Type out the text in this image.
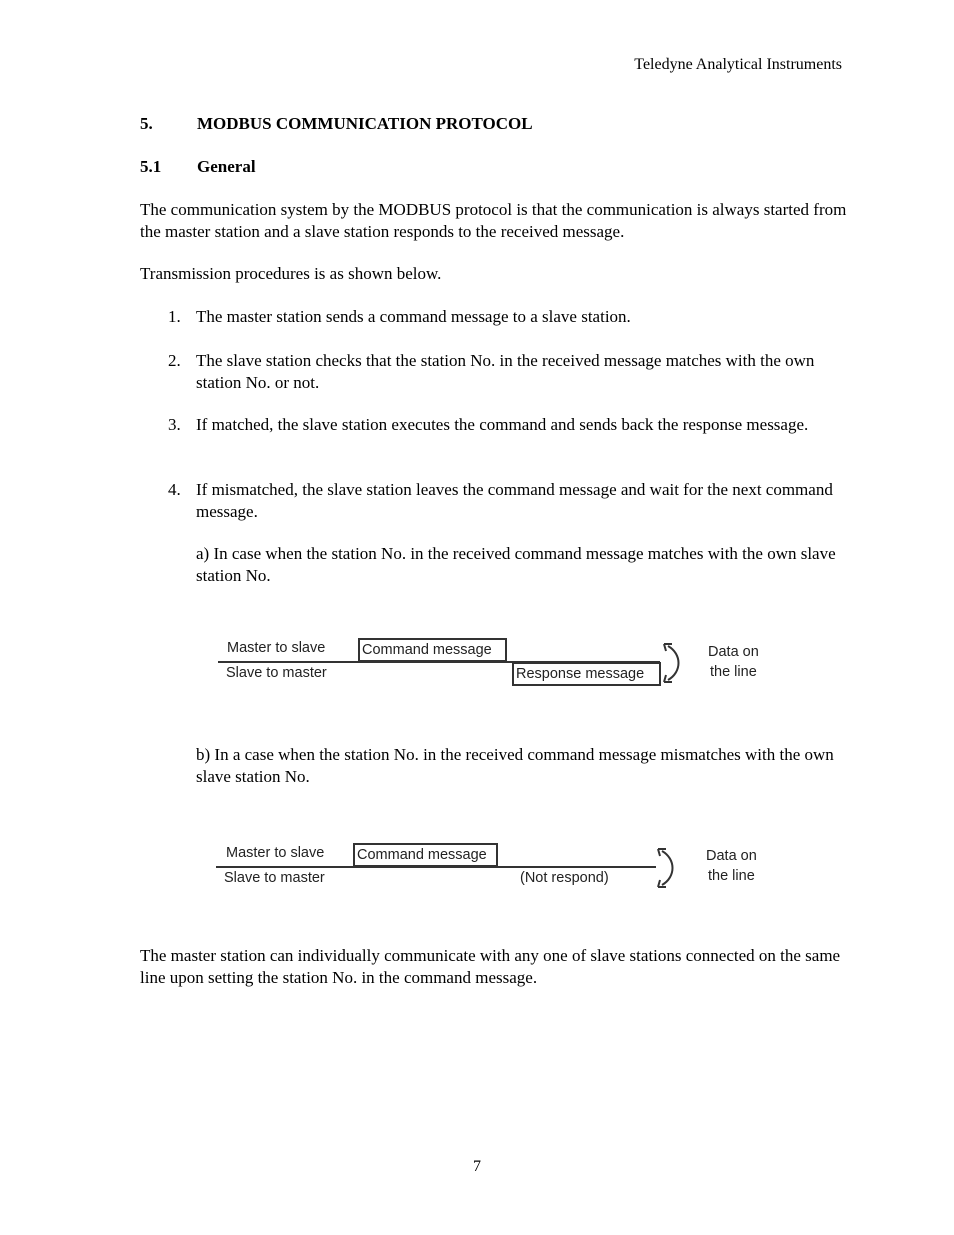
Teledyne Analytical Instruments
5.	MODBUS COMMUNICATION PROTOCOL
5.1 General
The communication system by the MODBUS protocol is that the communication is always started from the master station and a slave station responds to the received message.
Transmission procedures is as shown below.
1. The master station sends a command message to a slave station.
2. The slave station checks that the station No. in the received message matches with the own station No. or not.
3. If matched, the slave station executes the command and sends back the response message.
4. If mismatched, the slave station leaves the command message and wait for the next command message.
a) In case when the station No. in the received command message matches with the own slave station No.
Master to slave
Slave to master
Command message
Response message
Data on
the line
b) In a case when the station No. in the received command message mismatches with the own slave station No.
Master to slave
Slave to master
Command message
(Not respond)
Data on
the line
The master station can individually communicate with any one of slave stations connected on the same line upon setting the station No. in the command message.
7
